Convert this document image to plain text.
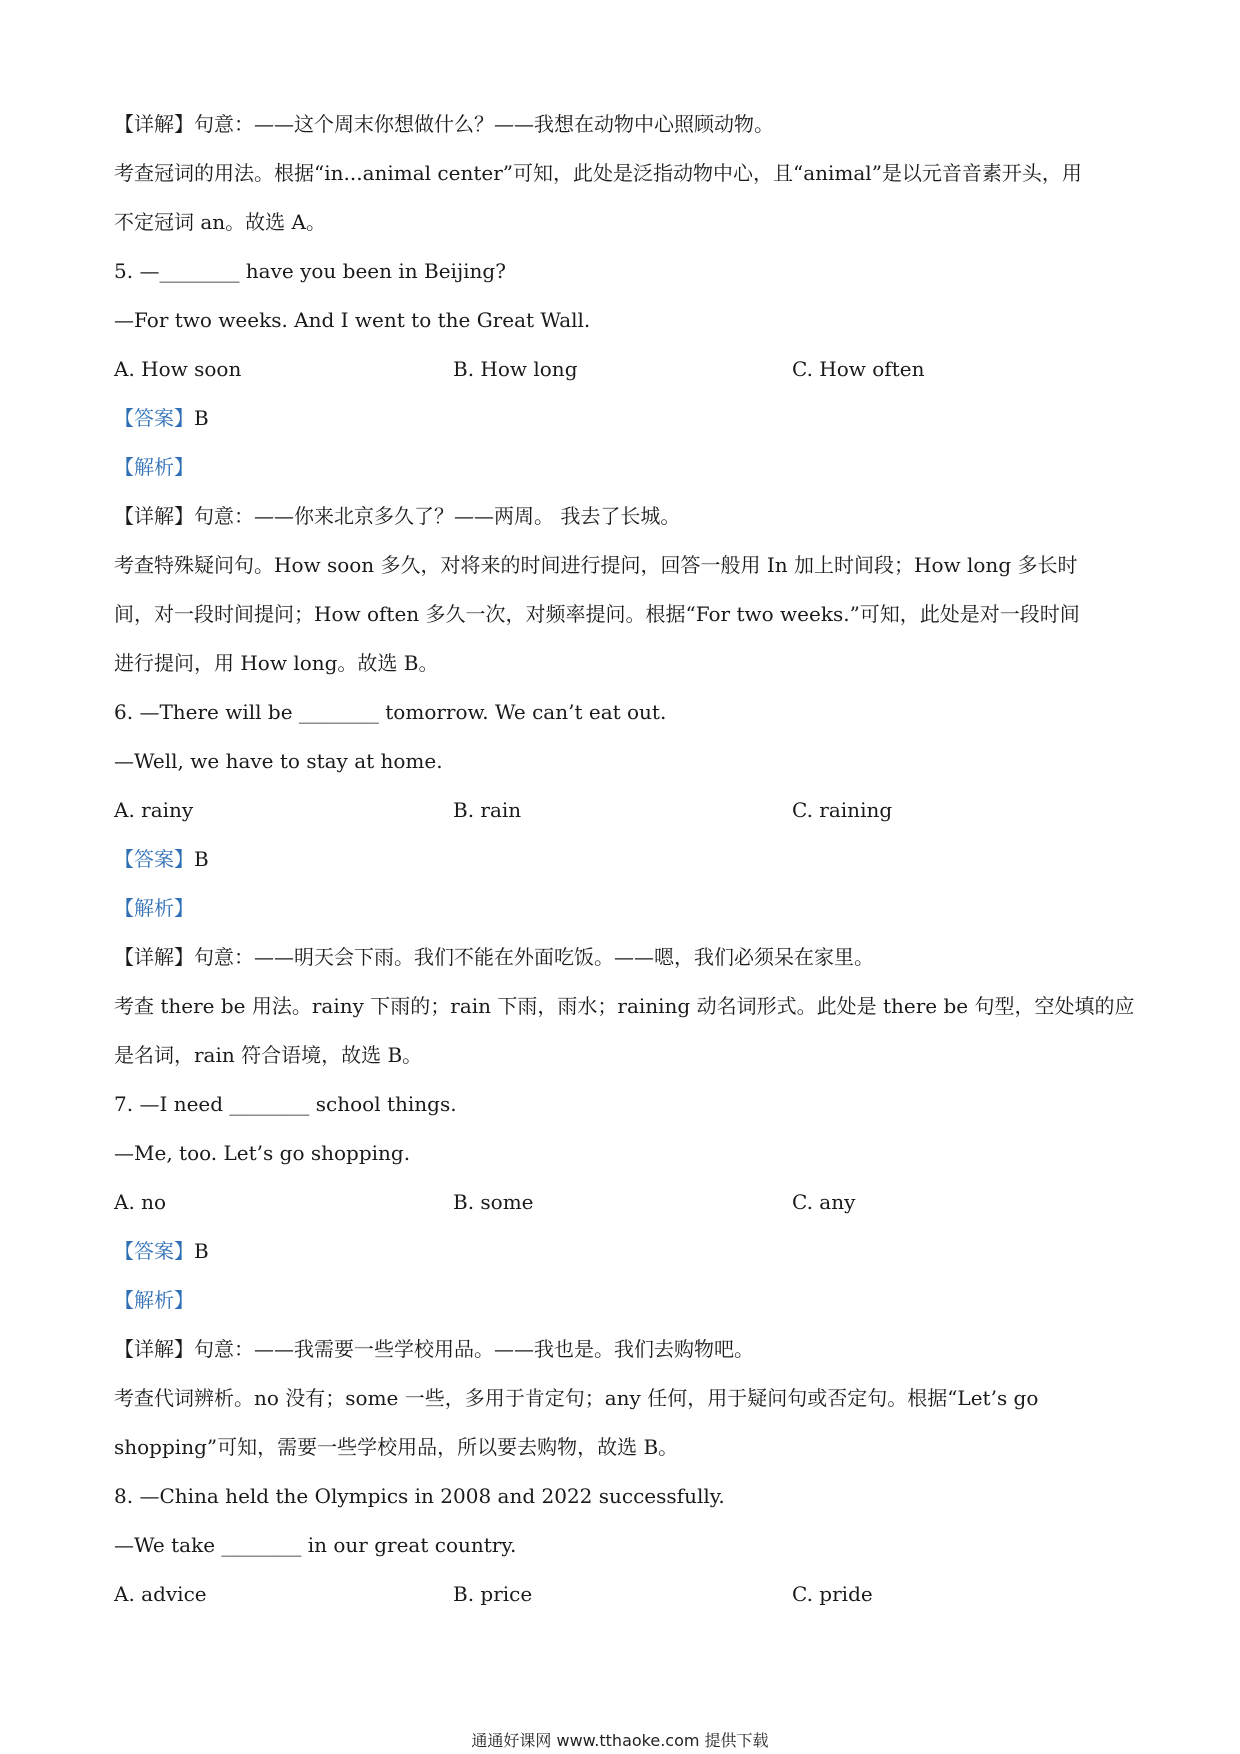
【详解】句意：——这个周末你想做什么？——我想在动物中心照顾动物。
考查冠词的用法。根据“in...animal center”可知，此处是泛指动物中心，且“animal”是以元音音素开头，用
不定冠词 an。故选 A。
5. —________ have you been in Beijing?
—For two weeks. And I went to the Great Wall.
A. How soon	B. How long	C. How often
【答案】B
【解析】
【详解】句意：——你来北京多久了？——两周。 我去了长城。
考查特殊疑问句。How soon 多久，对将来的时间进行提问，回答一般用 In 加上时间段；How long 多长时
间，对一段时间提问；How often 多久一次，对频率提问。根据“For two weeks.”可知，此处是对一段时间
进行提问，用 How long。故选 B。
6. —There will be ________ tomorrow. We can’t eat out.
—Well, we have to stay at home.
A. rainy	B. rain	C. raining
【答案】B
【解析】
【详解】句意：——明天会下雨。我们不能在外面吃饭。——嗯，我们必须呆在家里。
考查 there be 用法。rainy 下雨的；rain 下雨，雨水；raining 动名词形式。此处是 there be 句型，空处填的应
是名词，rain 符合语境，故选 B。
7. —I need ________ school things.
—Me, too. Let’s go shopping.
A. no	B. some	C. any
【答案】B
【解析】
【详解】句意：——我需要一些学校用品。——我也是。我们去购物吧。
考查代词辨析。no 没有；some 一些，多用于肯定句；any 任何，用于疑问句或否定句。根据“Let’s go
shopping”可知，需要一些学校用品，所以要去购物，故选 B。
8. —China held the Olympics in 2008 and 2022 successfully.
—We take ________ in our great country.
A. advice	B. price	C. pride
通通好课网 www.tthaoke.com 提供下载
